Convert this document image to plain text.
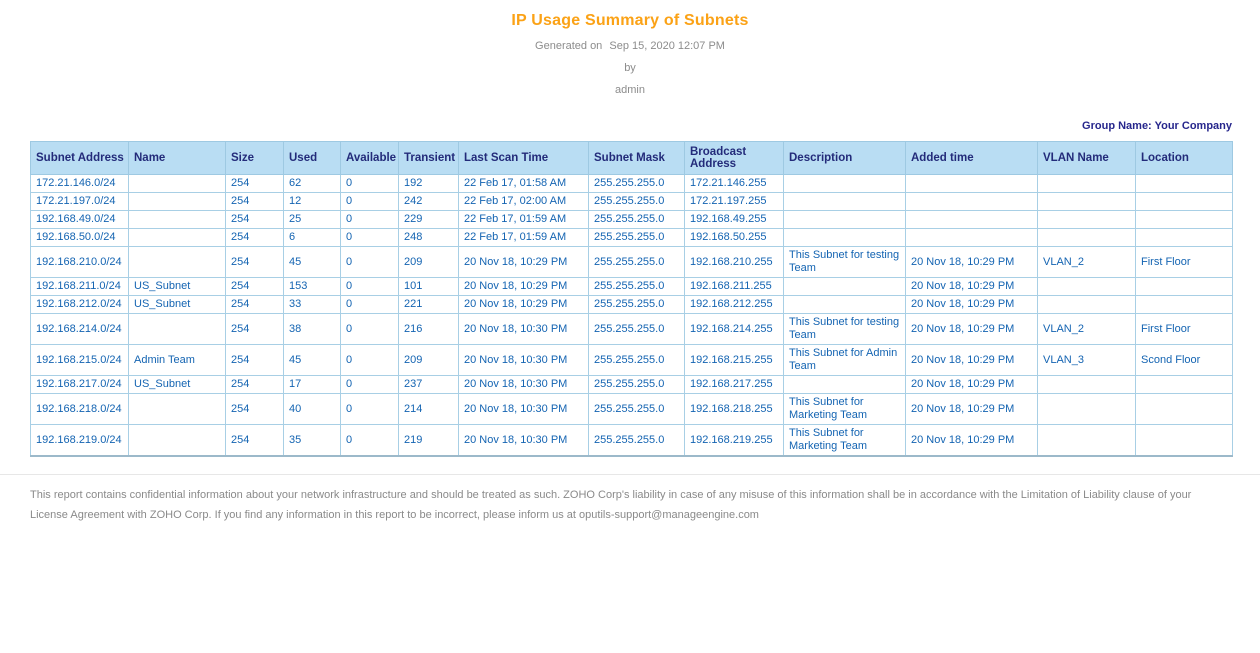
IP Usage Summary of Subnets
Generated on Sep 15, 2020 12:07 PM
by
admin
Group Name: Your Company
Subnet Address	Name	Size	Used	Available	Transient	Last Scan Time	Subnet Mask	Broadcast Address	Description	Added time	VLAN Name	Location
172.21.146.0/24		254	62	0	192	22 Feb 17, 01:58 AM	255.255.255.0	172.21.146.255				
172.21.197.0/24		254	12	0	242	22 Feb 17, 02:00 AM	255.255.255.0	172.21.197.255				
192.168.49.0/24		254	25	0	229	22 Feb 17, 01:59 AM	255.255.255.0	192.168.49.255				
192.168.50.0/24		254	6	0	248	22 Feb 17, 01:59 AM	255.255.255.0	192.168.50.255				
192.168.210.0/24		254	45	0	209	20 Nov 18, 10:29 PM	255.255.255.0	192.168.210.255	This Subnet for testing Team	20 Nov 18, 10:29 PM	VLAN_2	First Floor
192.168.211.0/24	US_Subnet	254	153	0	101	20 Nov 18, 10:29 PM	255.255.255.0	192.168.211.255		20 Nov 18, 10:29 PM		
192.168.212.0/24	US_Subnet	254	33	0	221	20 Nov 18, 10:29 PM	255.255.255.0	192.168.212.255		20 Nov 18, 10:29 PM		
192.168.214.0/24		254	38	0	216	20 Nov 18, 10:30 PM	255.255.255.0	192.168.214.255	This Subnet for testing Team	20 Nov 18, 10:29 PM	VLAN_2	First Floor
192.168.215.0/24	Admin Team	254	45	0	209	20 Nov 18, 10:30 PM	255.255.255.0	192.168.215.255	This Subnet for Admin Team	20 Nov 18, 10:29 PM	VLAN_3	Scond Floor
192.168.217.0/24	US_Subnet	254	17	0	237	20 Nov 18, 10:30 PM	255.255.255.0	192.168.217.255		20 Nov 18, 10:29 PM		
192.168.218.0/24		254	40	0	214	20 Nov 18, 10:30 PM	255.255.255.0	192.168.218.255	This Subnet for Marketing Team	20 Nov 18, 10:29 PM		
192.168.219.0/24		254	35	0	219	20 Nov 18, 10:30 PM	255.255.255.0	192.168.219.255	This Subnet for Marketing Team	20 Nov 18, 10:29 PM		

This report contains confidential information about your network infrastructure and should be treated as such. ZOHO Corp's liability in case of any misuse of this information shall be in accordance with the Limitation of Liability clause of your License Agreement with ZOHO Corp. If you find any information in this report to be incorrect, please inform us at oputils-support@manageengine.com
